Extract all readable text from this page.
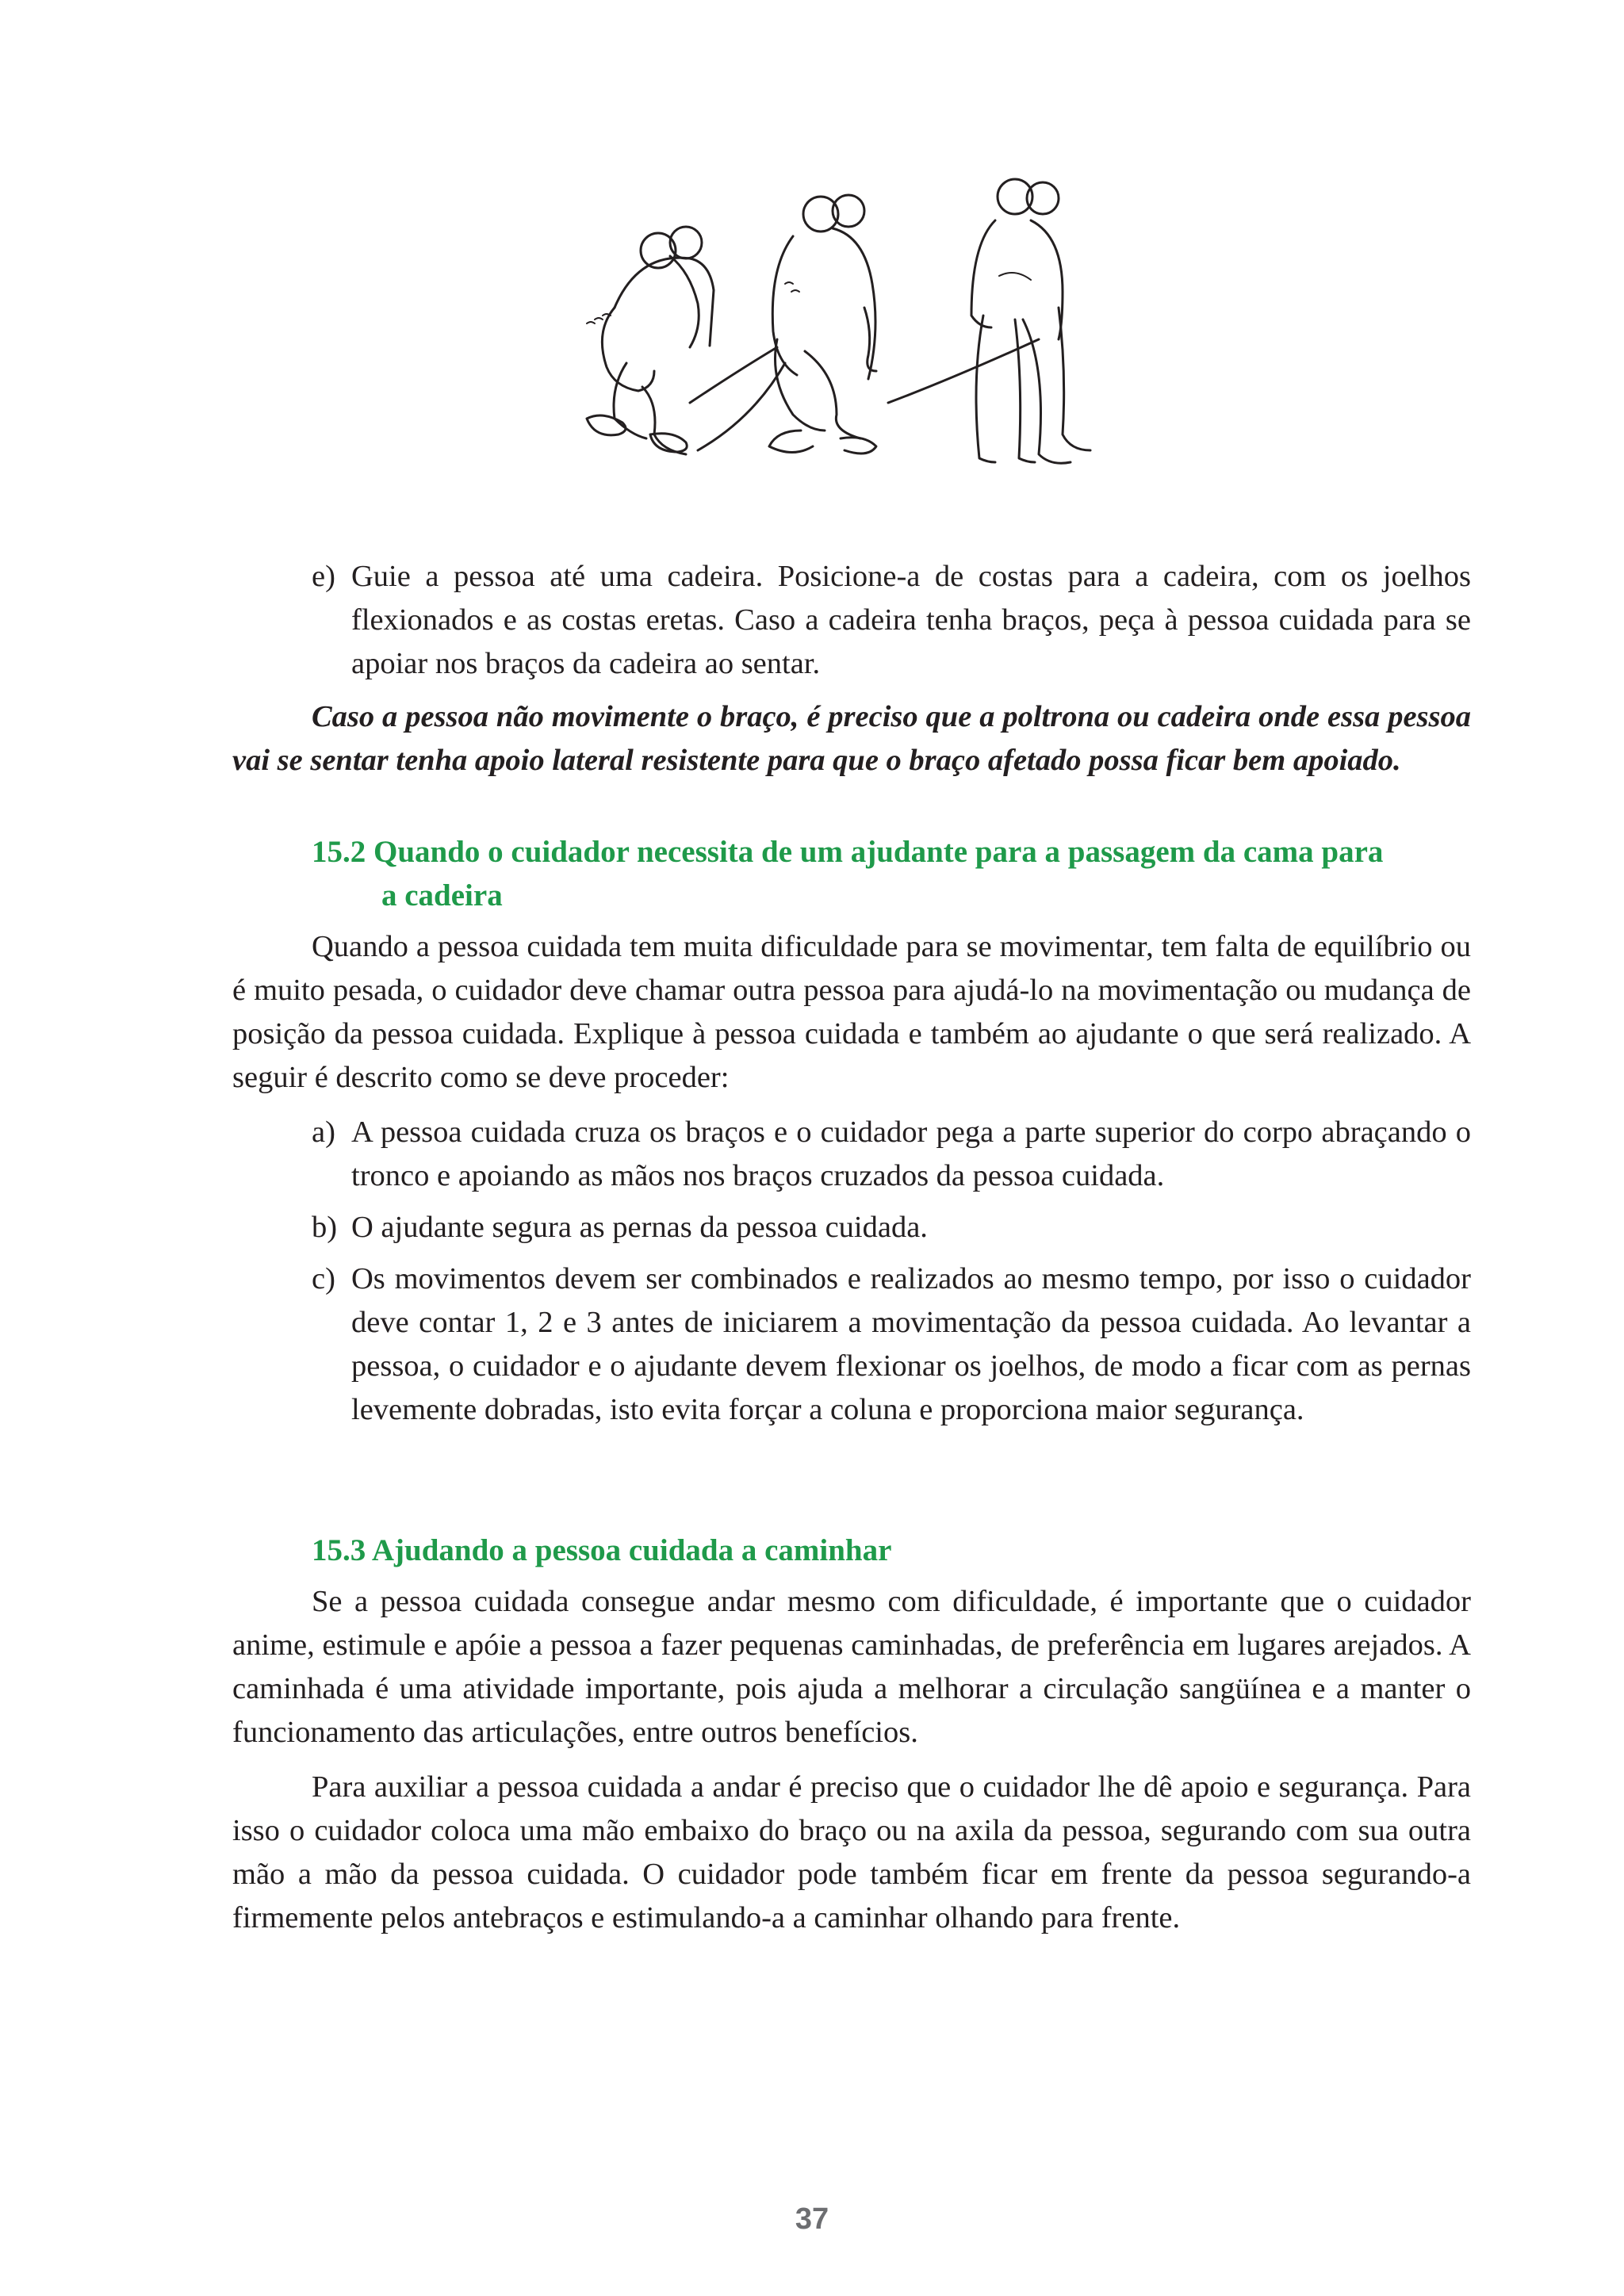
e) Guie a pessoa até uma cadeira. Posicione-a de costas para a cadeira, com os joelhos flexionados e as costas eretas. Caso a cadeira tenha braços, peça à pessoa cuidada para se apoiar nos braços da cadeira ao sentar.

Caso a pessoa não movimente o braço, é preciso que a poltrona ou cadeira onde essa pessoa vai se sentar tenha apoio lateral resistente para que o braço afetado possa ficar bem apoiado.

15.2 Quando o cuidador necessita de um ajudante para a passagem da cama para
a cadeira

Quando a pessoa cuidada tem muita dificuldade para se movimentar, tem falta de equilíbrio ou é muito pesada, o cuidador deve chamar outra pessoa para ajudá-lo na movimentação ou mudança de posição da pessoa cuidada. Explique à pessoa cuidada e também ao ajudante o que será realizado. A seguir é descrito como se deve proceder:

a) A pessoa cuidada cruza os braços e o cuidador pega a parte superior do corpo abraçando o tronco e apoiando as mãos nos braços cruzados da pessoa cuidada.
b) O ajudante segura as pernas da pessoa cuidada.
c) Os movimentos devem ser combinados e realizados ao mesmo tempo, por isso o cuidador deve contar 1, 2 e 3 antes de iniciarem a movimentação da pessoa cuidada. Ao levantar a pessoa, o cuidador e o ajudante devem flexionar os joelhos, de modo a ficar com as pernas levemente dobradas, isto evita forçar a coluna e proporciona maior segurança.
15.3 Ajudando a pessoa cuidada a caminhar

Se a pessoa cuidada consegue andar mesmo com dificuldade, é importante que o cuidador anime, estimule e apóie a pessoa a fazer pequenas caminhadas, de preferência em lugares arejados. A caminhada é uma atividade importante, pois ajuda a melhorar a circulação sangüínea e a manter o funcionamento das articulações, entre outros benefícios.

Para auxiliar a pessoa cuidada a andar é preciso que o cuidador lhe dê apoio e segurança. Para isso o cuidador coloca uma mão embaixo do braço ou na axila da pessoa, segurando com sua outra mão a mão da pessoa cuidada. O cuidador pode também ficar em frente da pessoa segurando-a firmemente pelos antebraços e estimulando-a a caminhar olhando para frente.

37
